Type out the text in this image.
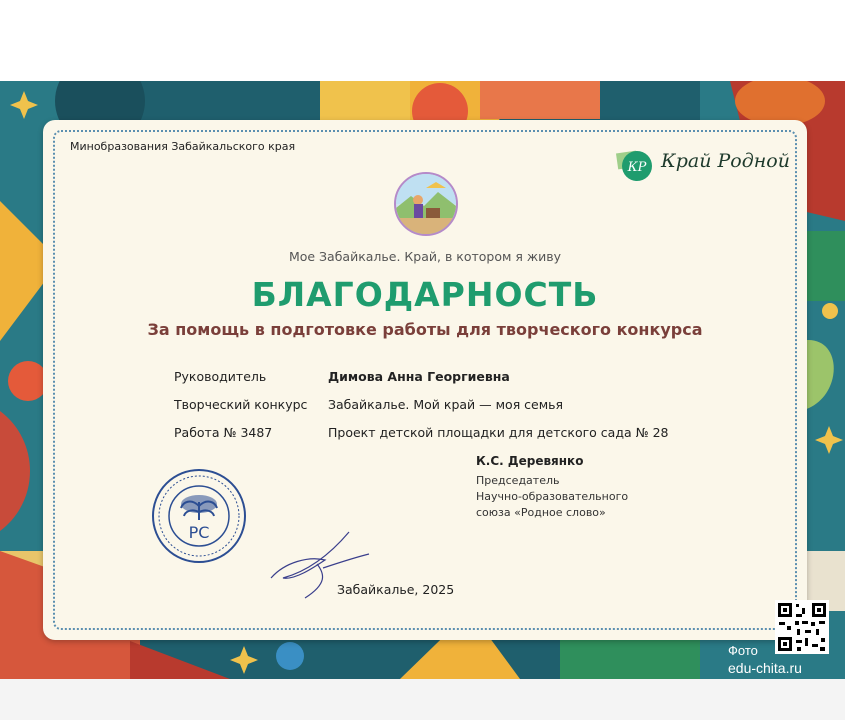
Минобразования Забайкальского края
КР Край Родной
Мое Забайкалье. Край, в котором я живу
БЛАГОДАРНОСТЬ
За помощь в подготовке работы для творческого конкурса
Руководитель	Димова Анна Георгиевна
Творческий конкурс Забайкалье. Мой край — моя семья
Работа № 3487	Проект детской площадки для детского сада № 28
К.С. Деревянко
Председатель
Научно-образовательного
союза «Родное слово»
РС
Забайкалье, 2025
Фото
edu-chita.ru
